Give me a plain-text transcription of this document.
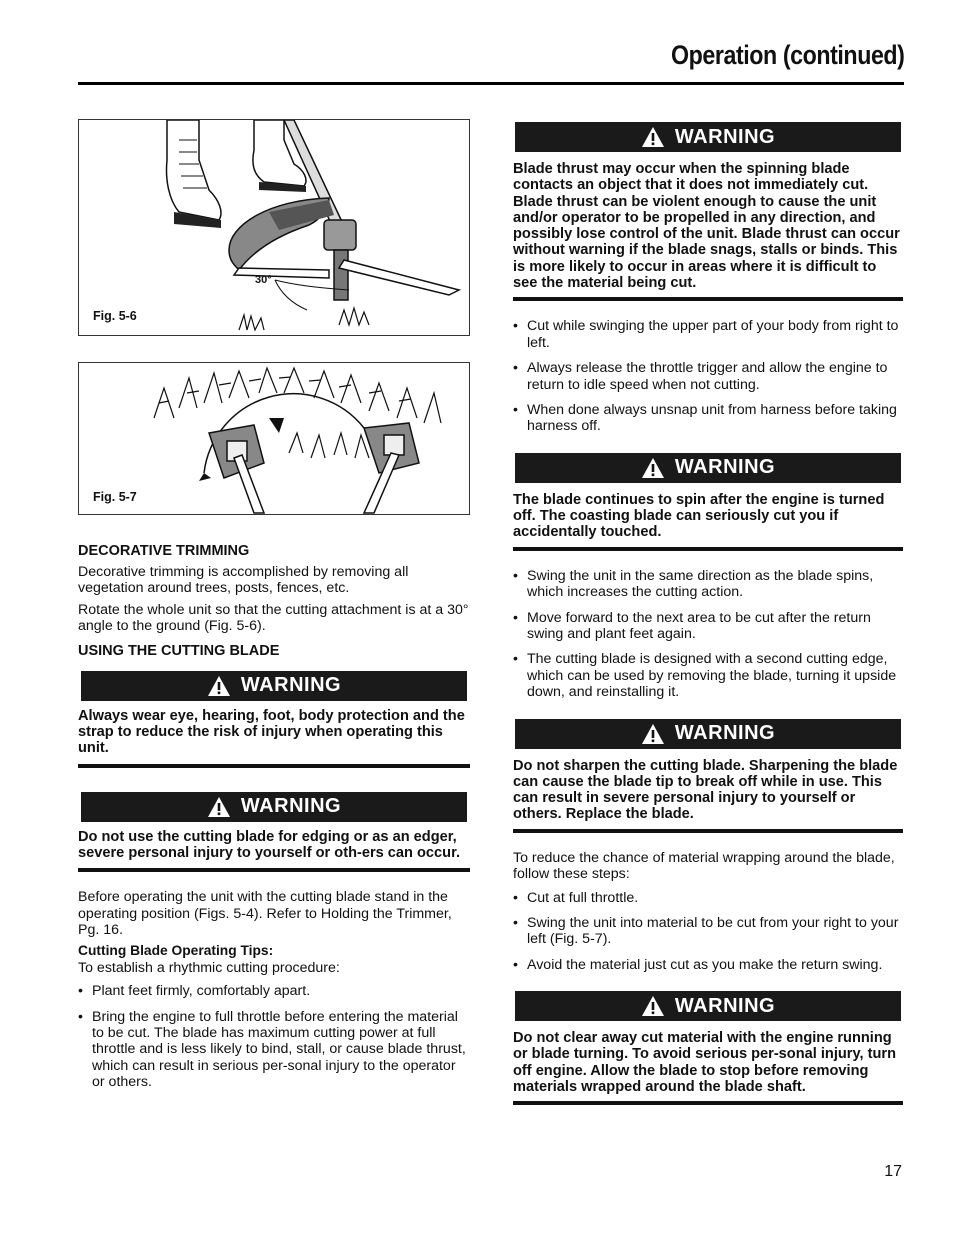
Operation (continued)
30°
Fig. 5-6
Fig. 5-7

DECORATIVE TRIMMING

Decorative trimming is accomplished by removing all vegetation around trees, posts, fences, etc.

Rotate the whole unit so that the cutting attachment is at a 30° angle to the ground (Fig. 5-6).

USING THE CUTTING BLADE

WARNING

Always wear eye, hearing, foot, body protection and the strap to reduce the risk of injury when operating this unit.

WARNING

Do not use the cutting blade for edging or as an edger, severe personal injury to yourself or oth-ers can occur.

Before operating the unit with the cutting blade stand in the operating position (Figs. 5-4). Refer to Holding the Trimmer, Pg. 16.

Cutting Blade Operating Tips:

To establish a rhythmic cutting procedure:

• Plant feet firmly, comfortably apart.
• Bring the engine to full throttle before entering the material to be cut. The blade has maximum cutting power at full throttle and is less likely to bind, stall, or cause blade thrust, which can result in serious per-sonal injury to the operator or others.
WARNING

Blade thrust may occur when the spinning blade contacts an object that it does not immediately cut. Blade thrust can be violent enough to cause the unit and/or operator to be propelled in any direction, and possibly lose control of the unit. Blade thrust can occur without warning if the blade snags, stalls or binds. This is more likely to occur in areas where it is difficult to see the material being cut.

• Cut while swinging the upper part of your body from right to left.
• Always release the throttle trigger and allow the engine to return to idle speed when not cutting.
• When done always unsnap unit from harness before taking harness off.
WARNING

The blade continues to spin after the engine is turned off. The coasting blade can seriously cut you if accidentally touched.

• Swing the unit in the same direction as the blade spins, which increases the cutting action.
• Move forward to the next area to be cut after the return swing and plant feet again.
• The cutting blade is designed with a second cutting edge, which can be used by removing the blade, turning it upside down, and reinstalling it.
WARNING

Do not sharpen the cutting blade. Sharpening the blade can cause the blade tip to break off while in use. This can result in severe personal injury to yourself or others. Replace the blade.

To reduce the chance of material wrapping around the blade, follow these steps:

• Cut at full throttle.
• Swing the unit into material to be cut from your right to your left (Fig. 5-7).
• Avoid the material just cut as you make the return swing.
WARNING

Do not clear away cut material with the engine running or blade turning. To avoid serious per-sonal injury, turn off engine. Allow the blade to stop before removing materials wrapped around the blade shaft.

17
